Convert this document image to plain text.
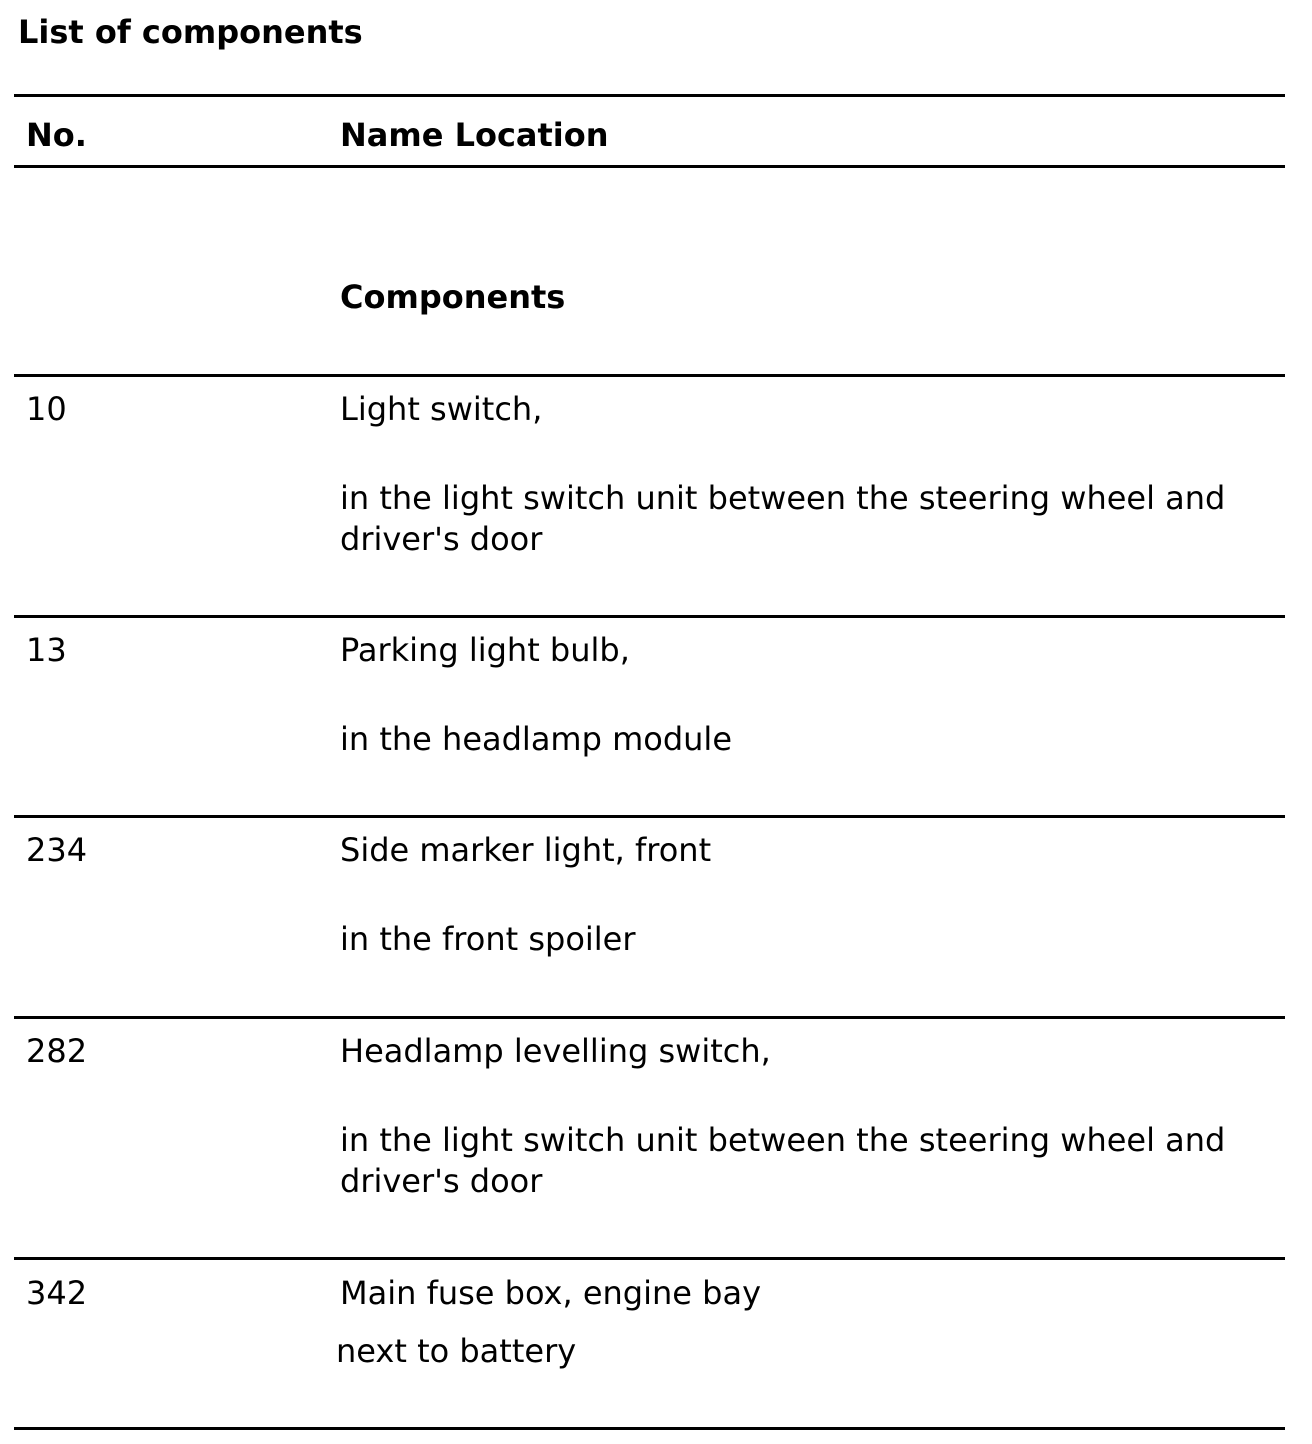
List of components
No.	Name Location
Components
10	Light switch,
in the light switch unit between the steering wheel and driver's door
13	Parking light bulb,
in the headlamp module
234	Side marker light, front
in the front spoiler
282	Headlamp levelling switch,
in the light switch unit between the steering wheel and driver's door
342	Main fuse box, engine bay
next to battery
